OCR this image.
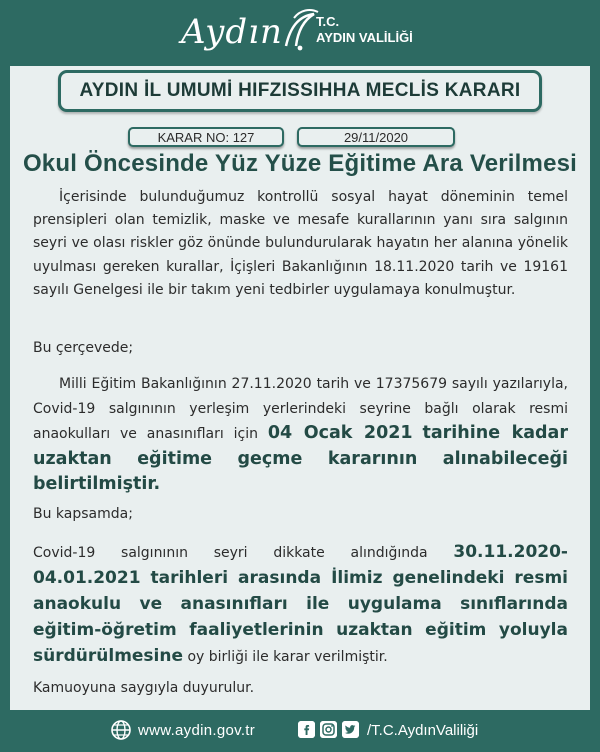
Aydın	T.C.
AYDIN VALİLİĞİ
AYDIN İL UMUMİ HIFZISSIHHA MECLİS KARARI
KARAR NO: 127	29/11/2020
Okul Öncesinde Yüz Yüze Eğitime Ara Verilmesi

İçerisinde bulunduğumuz kontrollü sosyal hayat döneminin temel prensipleri olan temizlik, maske ve mesafe kurallarının yanı sıra salgının seyri ve olası riskler göz önünde bulundurularak hayatın her alanına yönelik uyulması gereken kurallar, İçişleri Bakanlığının 18.11.2020 tarih ve 19161 sayılı Genelgesi ile bir takım yeni tedbirler uygulamaya konulmuştur.

Bu çerçevede;

Milli Eğitim Bakanlığının 27.11.2020 tarih ve 17375679 sayılı yazılarıyla, Covid-19 salgınının yerleşim yerlerindeki seyrine bağlı olarak resmi anaokulları ve anasınıfları için 04 Ocak 2021 tarihine kadar uzaktan eğitime geçme kararının alınabileceği belirtilmiştir.

Bu kapsamda;

Covid-19 salgınının seyri dikkate alındığında 30.11.2020-04.01.2021 tarihleri arasında İlimiz genelindeki resmi anaokulu ve anasınıfları ile uygulama sınıflarında eğitim-öğretim faaliyetlerinin uzaktan eğitim yoluyla sürdürülmesine oy birliği ile karar verilmiştir.

Kamuoyuna saygıyla duyurulur.

www.aydin.gov.tr	/T.C.AydınValiliği
